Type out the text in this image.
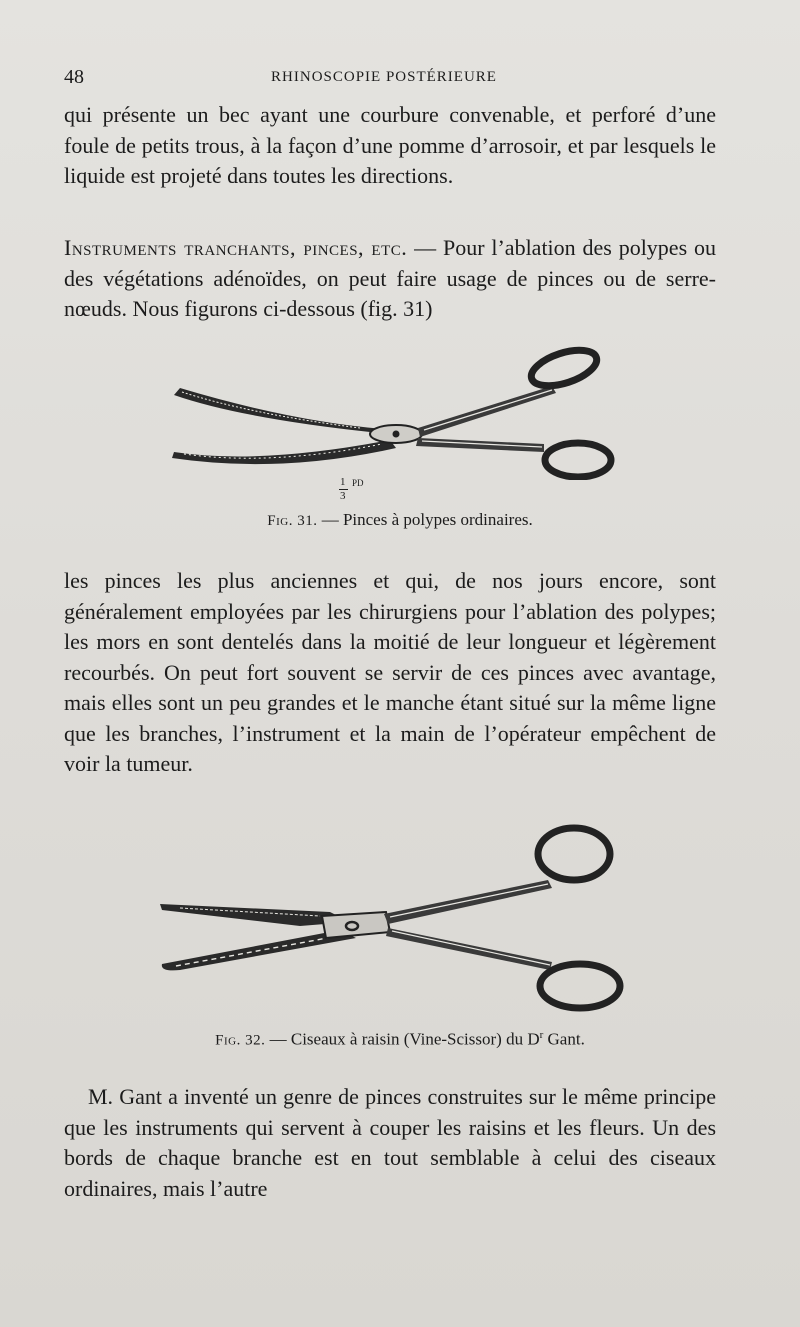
48	RHINOSCOPIE POSTÉRIEURE

qui présente un bec ayant une courbure convenable, et perforé d’une foule de petits trous, à la façon d’une pomme d’arrosoir, et par lesquels le liquide est projeté dans toutes les directions.

Instruments tranchants, pinces, etc. — Pour l’ablation des polypes ou des végétations adénoïdes, on peut faire usage de pinces ou de serre-nœuds. Nous figurons ci-dessous (fig. 31)

1
3
PD
Fig. 31. — Pinces à polypes ordinaires.

les pinces les plus anciennes et qui, de nos jours encore, sont généralement employées par les chirurgiens pour l’ablation des polypes; les mors en sont dentelés dans la moitié de leur longueur et légèrement recourbés. On peut fort souvent se servir de ces pinces avec avantage, mais elles sont un peu grandes et le manche étant situé sur la même ligne que les branches, l’instrument et la main de l’opérateur empêchent de voir la tumeur.

Fig. 32. — Ciseaux à raisin (Vine-Scissor) du $D^r$ Gant.

M. Gant a inventé un genre de pinces construites sur le même principe que les instruments qui servent à couper les raisins et les fleurs. Un des bords de chaque branche est en tout semblable à celui des ciseaux ordinaires, mais l’autre
